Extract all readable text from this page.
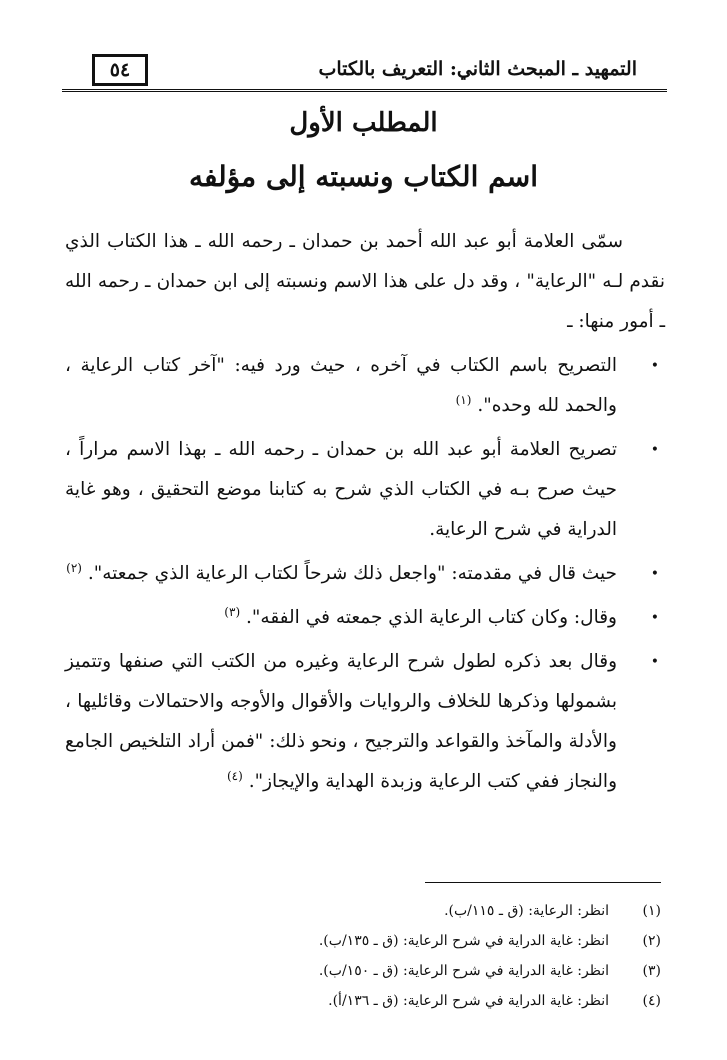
التمهيد ـ المبحث الثاني: التعريف بالكتاب
٥٤
المطلب الأول
اسم الكتاب ونسبته إلى مؤلفه

سمّى العلامة أبو عبد الله أحمد بن حمدان ـ رحمه الله ـ هذا الكتاب الذي نقدم لـه "الرعاية" ، وقد دل على هذا الاسم ونسبته إلى ابن حمدان ـ رحمه الله ـ أمور منها: ـ

•
التصريح باسم الكتاب في آخره ، حيث ورد فيه: "آخر كتاب الرعاية ، والحمد لله وحده". $^{(١)}$
•
تصريح العلامة أبو عبد الله بن حمدان ـ رحمه الله ـ بهذا الاسم مراراً ، حيث صرح بـه في الكتاب الذي شرح به كتابنا موضع التحقيق ، وهو غاية الدراية في شرح الرعاية.
•
حيث قال في مقدمته: "واجعل ذلك شرحاً لكتاب الرعاية الذي جمعته". $^{(٢)}$
•
وقال: وكان كتاب الرعاية الذي جمعته في الفقه". $^{(٣)}$
•
وقال بعد ذكره لطول شرح الرعاية وغيره من الكتب التي صنفها وتتميز بشمولها وذكرها للخلاف والروايات والأقوال والأوجه والاحتمالات وقائليها ، والأدلة والمآخذ والقواعد والترجيح ، ونحو ذلك: "فمن أراد التلخيص الجامع والنجاز ففي كتب الرعاية وزبدة الهداية والإيجاز". $^{(٤)}$
(١)
انظر: الرعاية: (ق ـ ١١٥/ب).
(٢)
انظر: غاية الدراية في شرح الرعاية: (ق ـ ١٣٥/ب).
(٣)
انظر: غاية الدراية في شرح الرعاية: (ق ـ ١٥٠/ب).
(٤)
انظر: غاية الدراية في شرح الرعاية: (ق ـ ١٣٦/أ).
